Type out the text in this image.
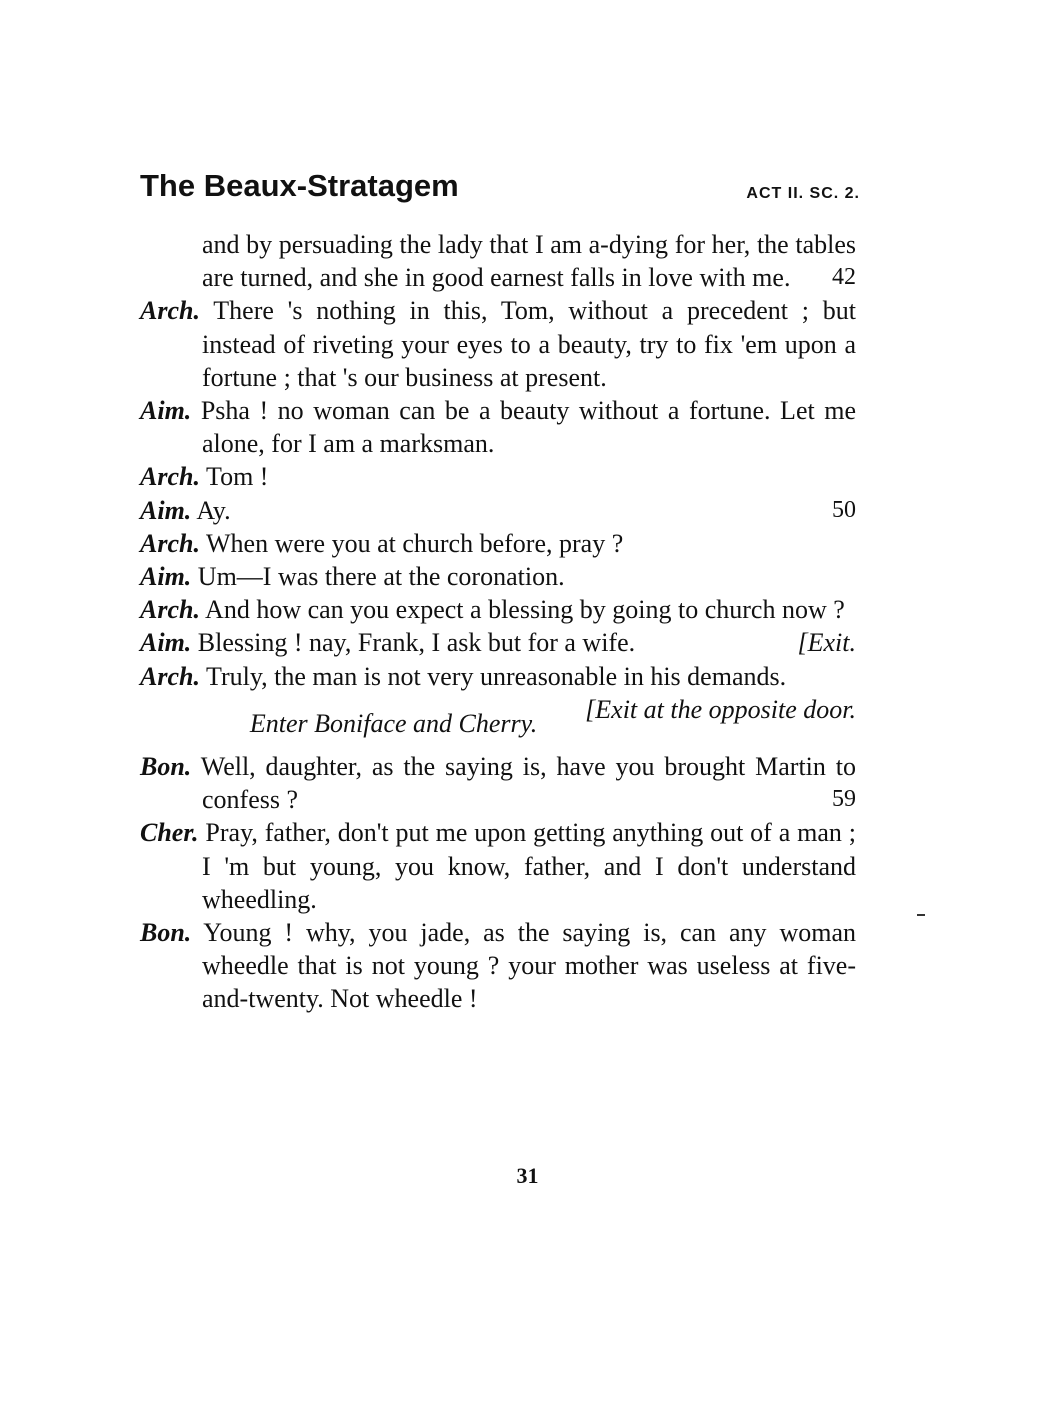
The Beaux-Stratagem	ACT II. SC. 2.

and by persuading the lady that I am a-dying for her, the tables are turned, and she in good earnest falls in love with me. 42

Arch. There 's nothing in this, Tom, without a precedent ; but instead of riveting your eyes to a beauty, try to fix 'em upon a fortune ; that 's our business at present.

Aim. Psha ! no woman can be a beauty without a fortune. Let me alone, for I am a marksman.

Arch. Tom !

Aim. Ay.	50

Arch. When were you at church before, pray ?

Aim. Um—I was there at the coronation.

Arch. And how can you expect a blessing by going to church now ?

Aim. Blessing ! nay, Frank, I ask but for a wife.	[Exit.

Arch. Truly, the man is not very unreasonable in his demands.
[Exit at the opposite door.

Enter Boniface and Cherry.

Bon. Well, daughter, as the saying is, have you brought Martin to confess ?	59

Cher. Pray, father, don't put me upon getting anything out of a man ; I 'm but young, you know, father, and I don't understand wheedling.

Bon. Young ! why, you jade, as the saying is, can any woman wheedle that is not young ? your mother was useless at five-and-twenty. Not wheedle !

31
